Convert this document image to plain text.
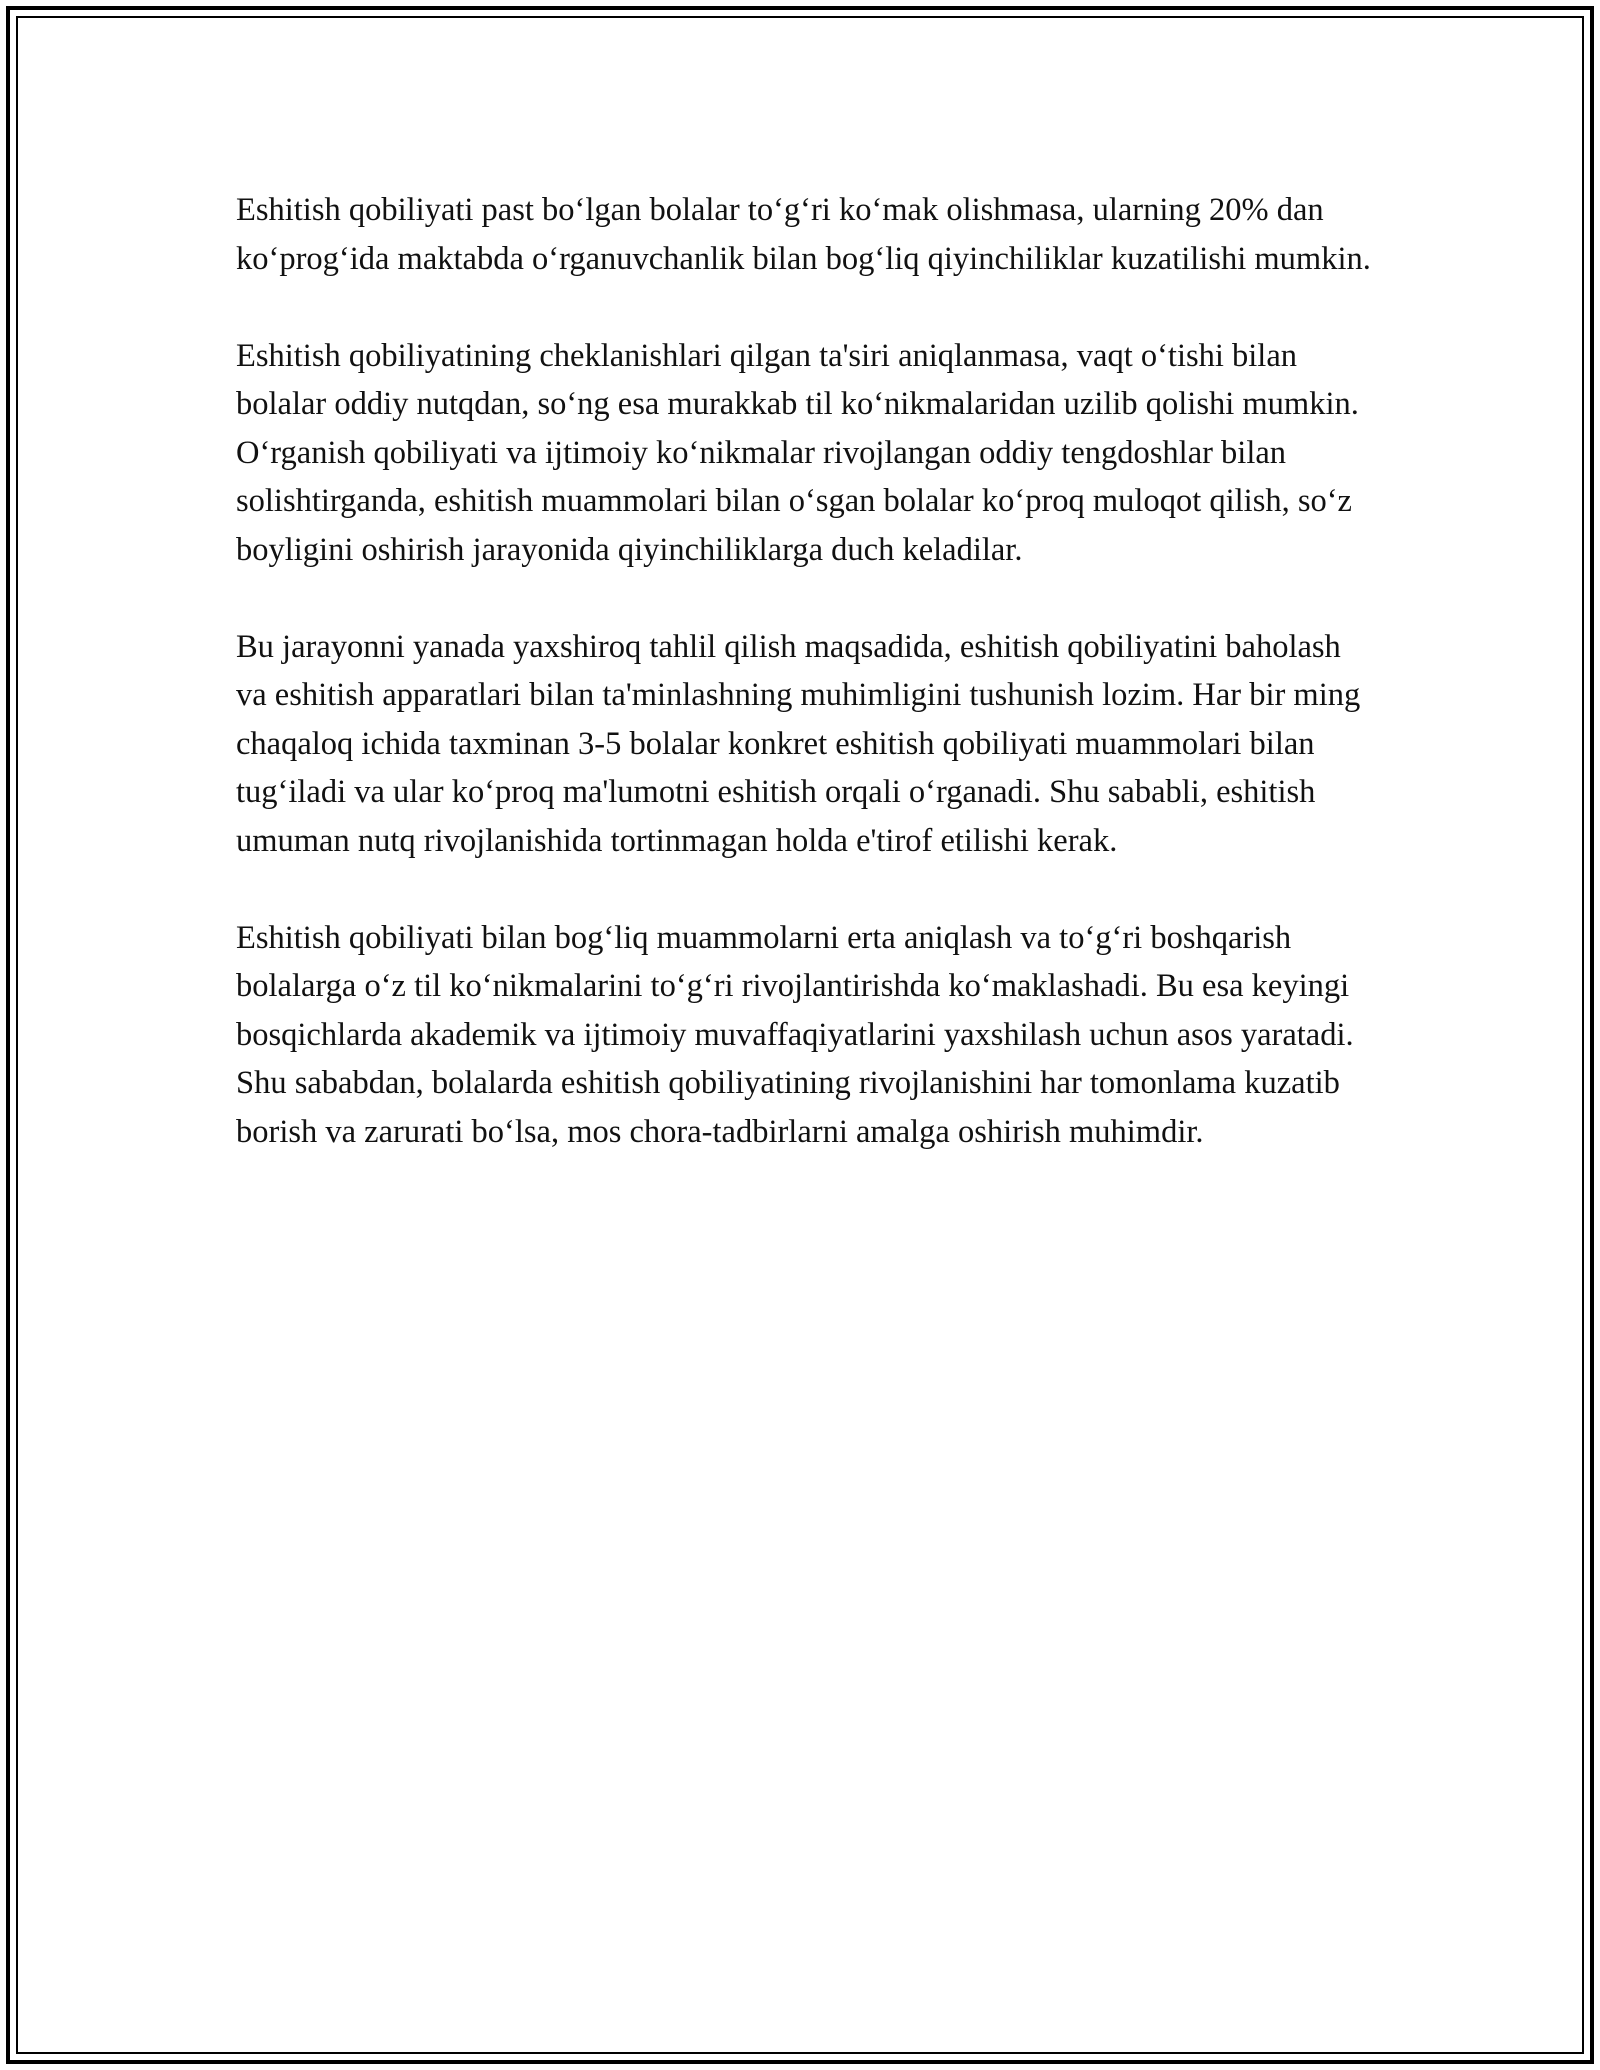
Eshitish qobiliyati past bo‘lgan bolalar to‘g‘ri ko‘mak olishmasa, ularning 20% dan ko‘prog‘ida maktabda o‘rganuvchanlik bilan bog‘liq qiyinchiliklar kuzatilishi mumkin.

Eshitish qobiliyatining cheklanishlari qilgan ta'siri aniqlanmasa, vaqt o‘tishi bilan bolalar oddiy nutqdan, so‘ng esa murakkab til ko‘nikmalaridan uzilib qolishi mumkin. O‘rganish qobiliyati va ijtimoiy ko‘nikmalar rivojlangan oddiy tengdoshlar bilan solishtirganda, eshitish muammolari bilan o‘sgan bolalar ko‘proq muloqot qilish, so‘z boyligini oshirish jarayonida qiyinchiliklarga duch keladilar.

Bu jarayonni yanada yaxshiroq tahlil qilish maqsadida, eshitish qobiliyatini baholash va eshitish apparatlari bilan ta'minlashning muhimligini tushunish lozim. Har bir ming chaqaloq ichida taxminan 3-5 bolalar konkret eshitish qobiliyati muammolari bilan tug‘iladi va ular ko‘proq ma'lumotni eshitish orqali o‘rganadi. Shu sababli, eshitish umuman nutq rivojlanishida tortinmagan holda e'tirof etilishi kerak.

Eshitish qobiliyati bilan bog‘liq muammolarni erta aniqlash va to‘g‘ri boshqarish bolalarga o‘z til ko‘nikmalarini to‘g‘ri rivojlantirishda ko‘maklashadi. Bu esa keyingi bosqichlarda akademik va ijtimoiy muvaffaqiyatlarini yaxshilash uchun asos yaratadi. Shu sababdan, bolalarda eshitish qobiliyatining rivojlanishini har tomonlama kuzatib borish va zarurati bo‘lsa, mos chora-tadbirlarni amalga oshirish muhimdir.
